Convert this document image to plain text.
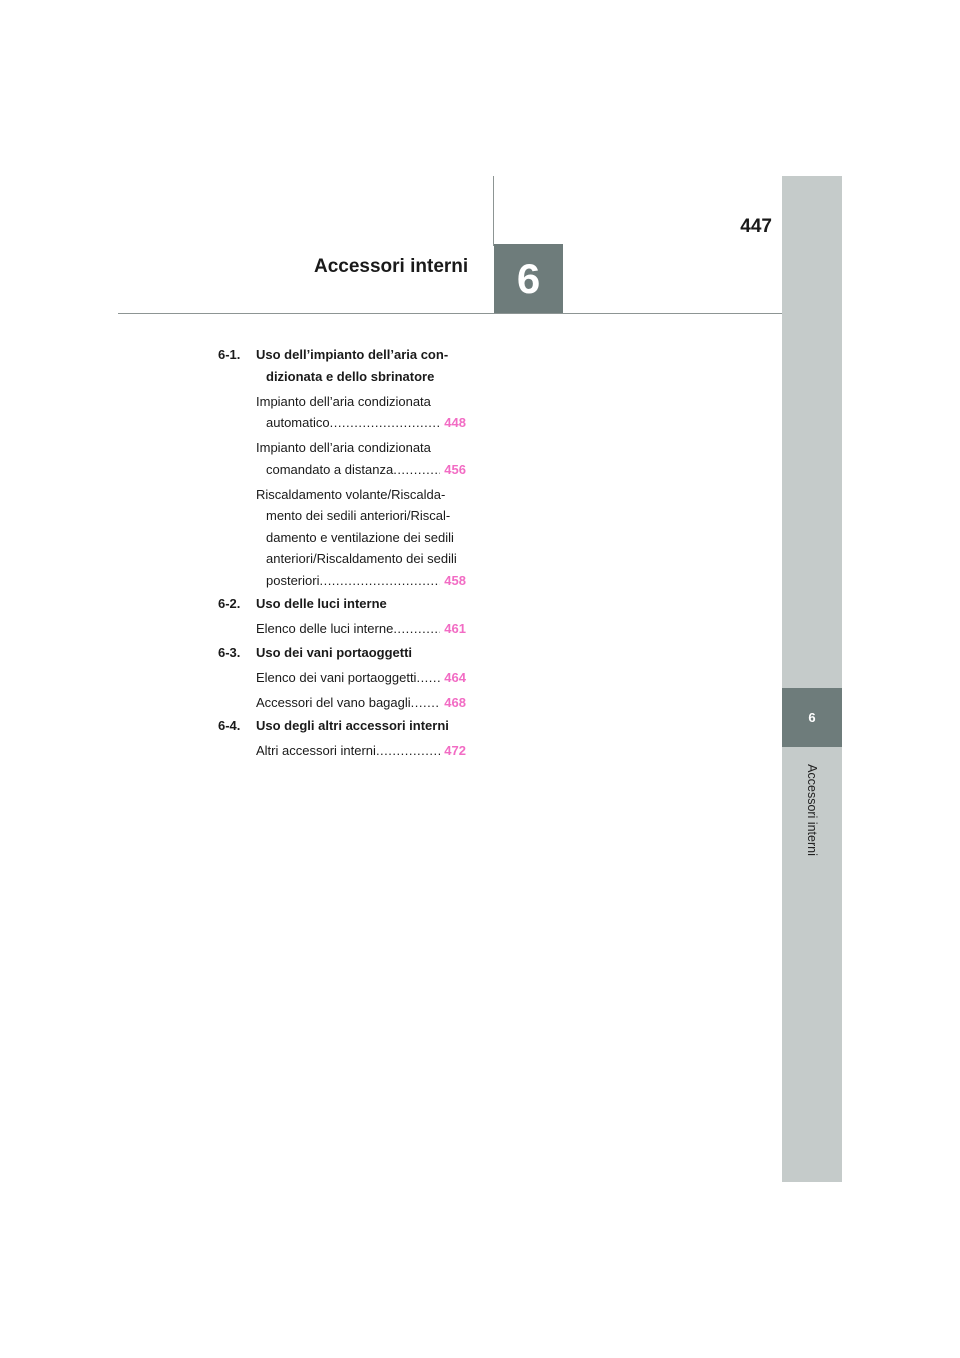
6
Accessori interni
447
Accessori interni	6
6-1. Uso dell’impianto dell’aria con-
dizionata e dello sbrinatore
Impianto dell’aria condizionata
automatico .....	448
Impianto dell’aria condizionata
comandato a distanza .....	456
Riscaldamento volante/Riscalda-
mento dei sedili anteriori/Riscal-
damento e ventilazione dei sedili
anteriori/Riscaldamento dei sedili
posteriori .....	458
6-2. Uso delle luci interne
Elenco delle luci interne .....	461
6-3. Uso dei vani portaoggetti
Elenco dei vani portaoggetti .....	464
Accessori del vano bagagli .....	468
6-4. Uso degli altri accessori interni
Altri accessori interni .....	472
